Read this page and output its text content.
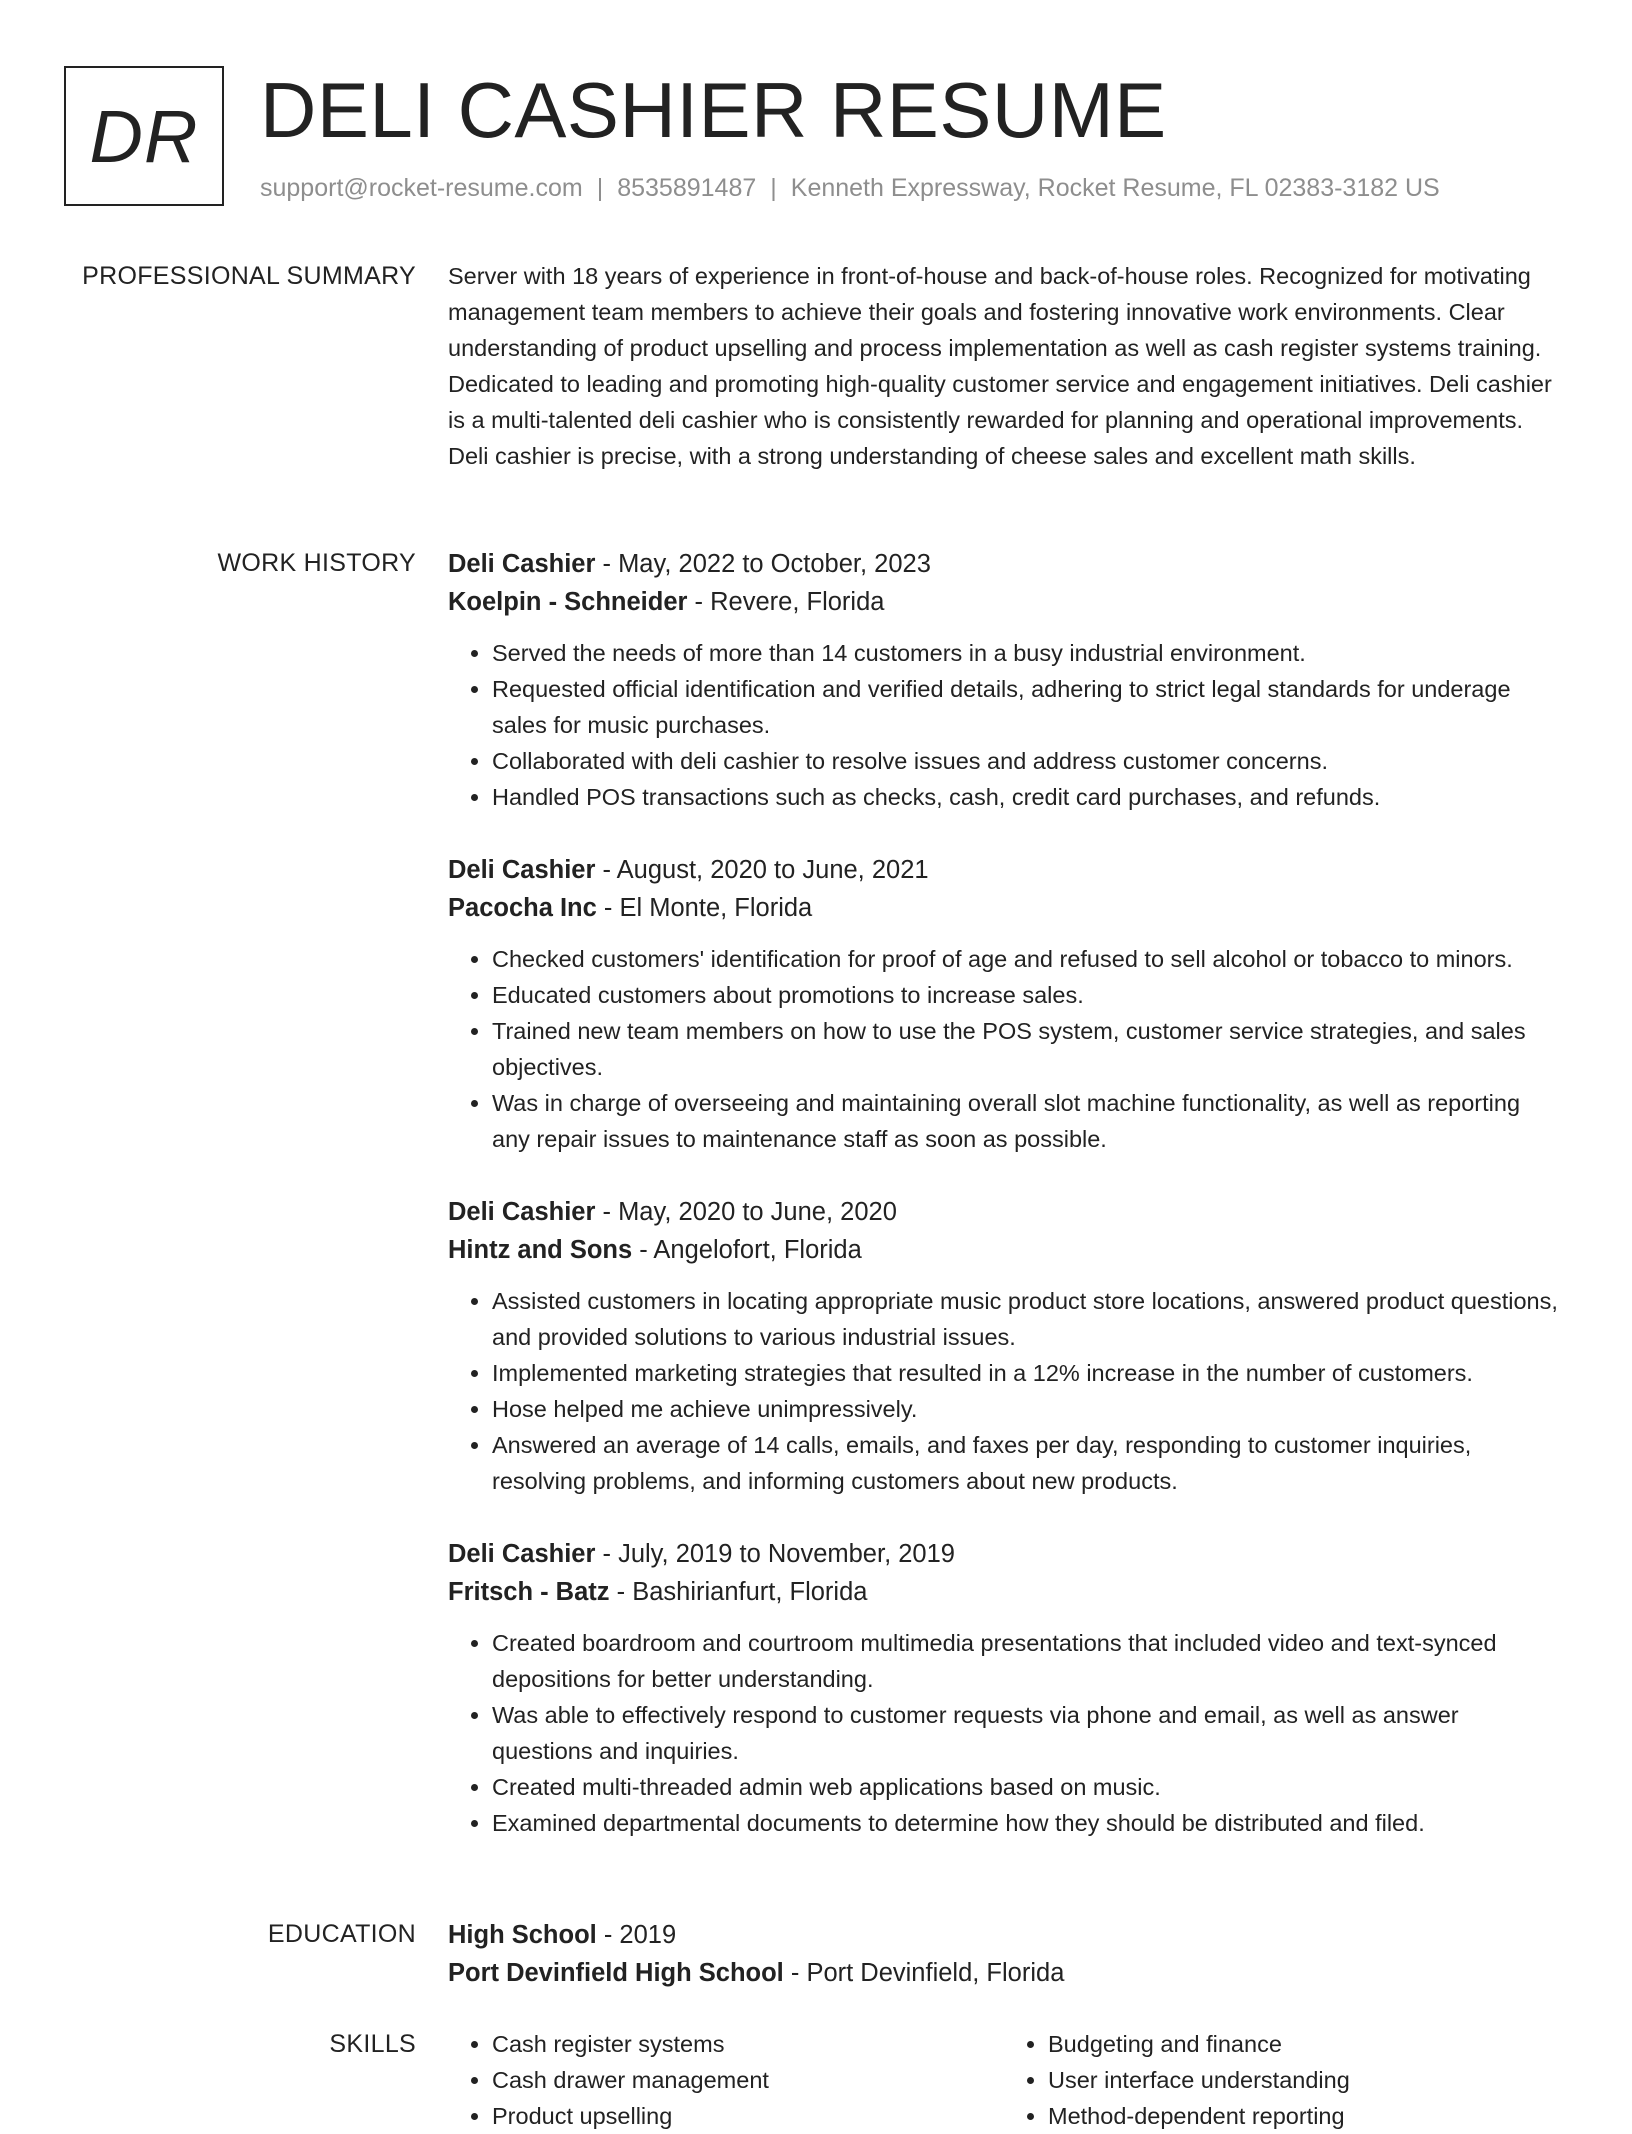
DR DELI CASHIER RESUME
support@rocket-resume.com | 8535891487 | Kenneth Expressway, Rocket Resume, FL 02383-3182 US
PROFESSIONAL SUMMARY Server with 18 years of experience in front-of-house and back-of-house roles. Recognized for motivating management team members to achieve their goals and fostering innovative work environments. Clear understanding of product upselling and process implementation as well as cash register systems training. Dedicated to leading and promoting high-quality customer service and engagement initiatives. Deli cashier is a multi-talented deli cashier who is consistently rewarded for planning and operational improvements. Deli cashier is precise, with a strong understanding of cheese sales and excellent math skills.

WORK HISTORY Deli Cashier - May, 2022 to October, 2023
Koelpin - Schneider - Revere, Florida
• Served the needs of more than 14 customers in a busy industrial environment.
• Requested official identification and verified details, adhering to strict legal standards for underage sales for music purchases.
• Collaborated with deli cashier to resolve issues and address customer concerns.
• Handled POS transactions such as checks, cash, credit card purchases, and refunds.
Deli Cashier - August, 2020 to June, 2021
Pacocha Inc - El Monte, Florida
• Checked customers' identification for proof of age and refused to sell alcohol or tobacco to minors.
• Educated customers about promotions to increase sales.
• Trained new team members on how to use the POS system, customer service strategies, and sales objectives.
• Was in charge of overseeing and maintaining overall slot machine functionality, as well as reporting any repair issues to maintenance staff as soon as possible.
Deli Cashier - May, 2020 to June, 2020
Hintz and Sons - Angelofort, Florida
• Assisted customers in locating appropriate music product store locations, answered product questions, and provided solutions to various industrial issues.
• Implemented marketing strategies that resulted in a 12% increase in the number of customers.
• Hose helped me achieve unimpressively.
• Answered an average of 14 calls, emails, and faxes per day, responding to customer inquiries, resolving problems, and informing customers about new products.
Deli Cashier - July, 2019 to November, 2019
Fritsch - Batz - Bashirianfurt, Florida
• Created boardroom and courtroom multimedia presentations that included video and text-synced depositions for better understanding.
• Was able to effectively respond to customer requests via phone and email, as well as answer questions and inquiries.
• Created multi-threaded admin web applications based on music.
• Examined departmental documents to determine how they should be distributed and filed.
EDUCATION High School - 2019
Port Devinfield High School - Port Devinfield, Florida
SKILLS
•	Cash register systems
• Cash drawer management
• Product upselling
• Budgeting and finance
• User interface understanding
• Method-dependent reporting
